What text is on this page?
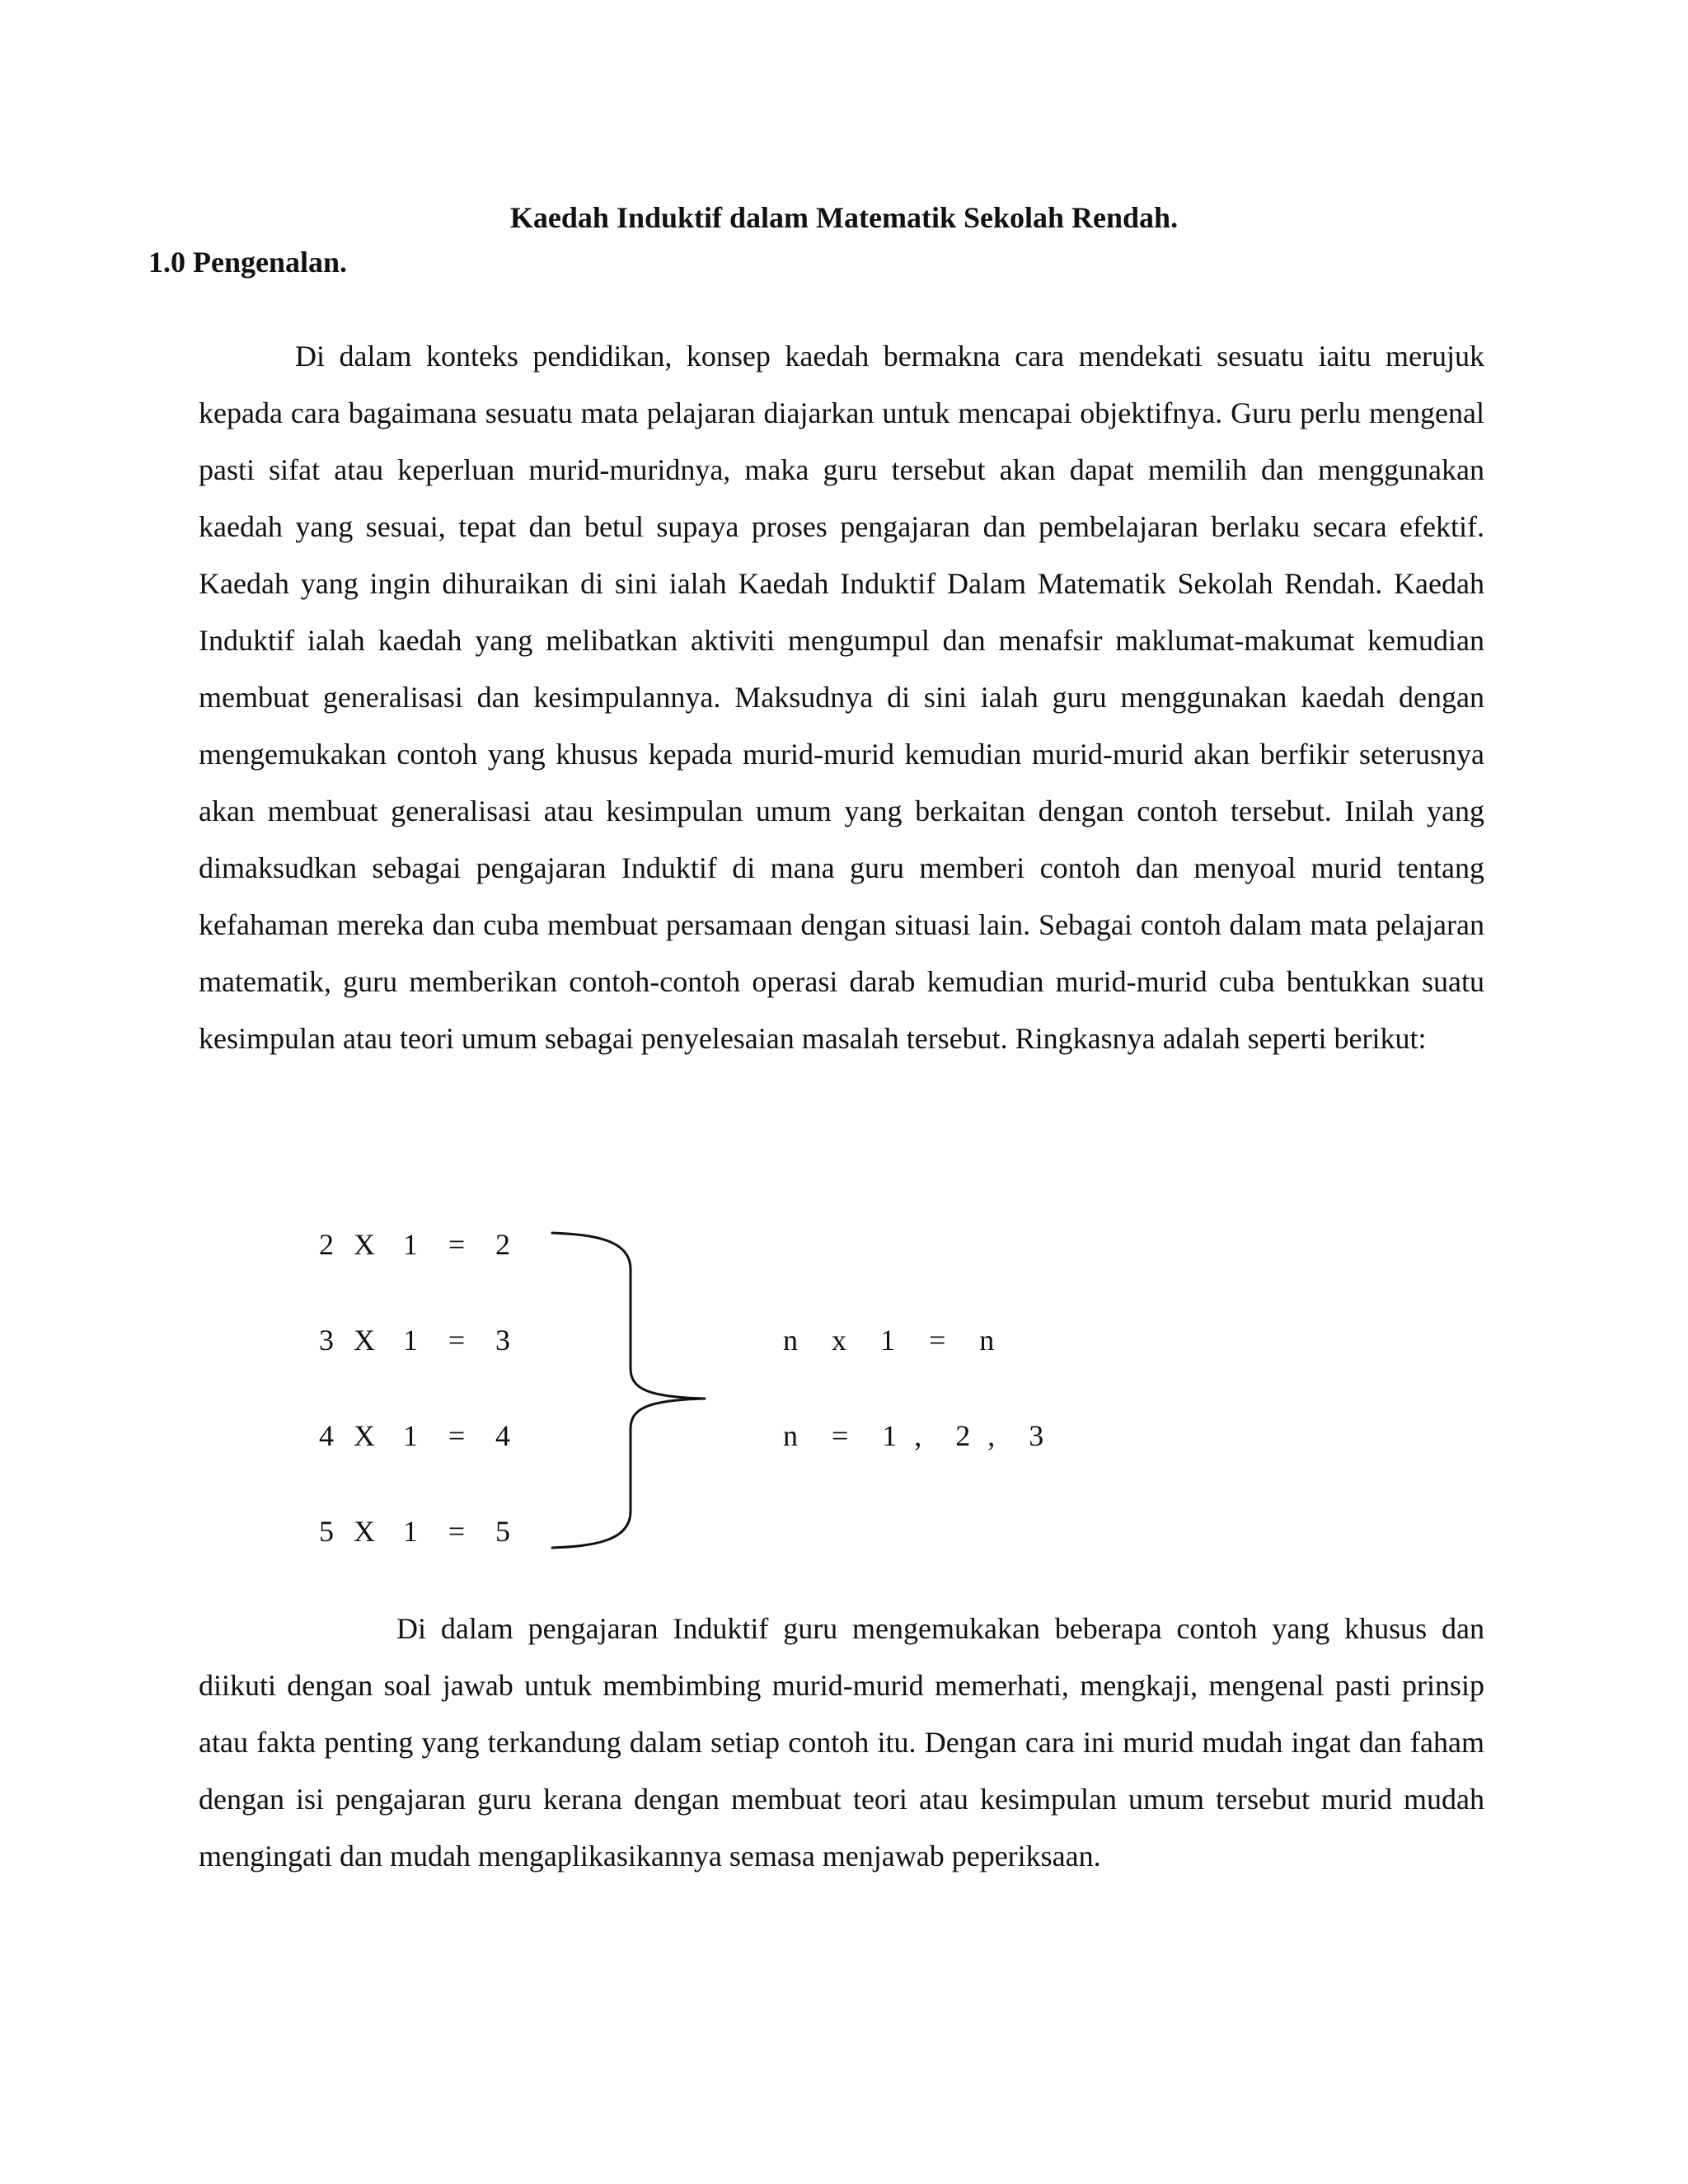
Kaedah Induktif dalam Matematik Sekolah Rendah.
1.0 Pengenalan.

Di dalam konteks pendidikan, konsep kaedah bermakna cara mendekati sesuatu iaitu merujuk kepada cara bagaimana sesuatu mata pelajaran diajarkan untuk mencapai objektifnya. Guru perlu mengenal pasti sifat atau keperluan murid-muridnya, maka guru tersebut akan dapat memilih dan menggunakan kaedah yang sesuai, tepat dan betul supaya proses pengajaran dan pembelajaran berlaku secara efektif. Kaedah yang ingin dihuraikan di sini ialah Kaedah Induktif Dalam Matematik Sekolah Rendah. Kaedah Induktif ialah kaedah yang melibatkan aktiviti mengumpul dan menafsir maklumat-makumat kemudian membuat generalisasi dan kesimpulannya. Maksudnya di sini ialah guru menggunakan kaedah dengan mengemukakan contoh yang khusus kepada murid-murid kemudian murid-murid akan berfikir seterusnya akan membuat generalisasi atau kesimpulan umum yang berkaitan dengan contoh tersebut. Inilah yang dimaksudkan sebagai pengajaran Induktif di mana guru memberi contoh dan menyoal murid tentang kefahaman mereka dan cuba membuat persamaan dengan situasi lain. Sebagai contoh dalam mata pelajaran matematik, guru memberikan contoh-contoh operasi darab kemudian murid-murid cuba bentukkan suatu kesimpulan atau teori umum sebagai penyelesaian masalah tersebut. Ringkasnya adalah seperti berikut:

2 X 1	=	2
3 X 1	=	3
4 X 1	=	4
5 X 1	=	5

n  x  1  =  n

n  =  1 ,  2 ,  3

Di dalam pengajaran Induktif guru mengemukakan beberapa contoh yang khusus dan diikuti dengan soal jawab untuk membimbing murid-murid memerhati, mengkaji, mengenal pasti prinsip atau fakta penting yang terkandung dalam setiap contoh itu. Dengan cara ini murid mudah ingat dan faham dengan isi pengajaran guru kerana dengan membuat teori atau kesimpulan umum tersebut murid mudah mengingati dan mudah mengaplikasikannya semasa menjawab peperiksaan.
